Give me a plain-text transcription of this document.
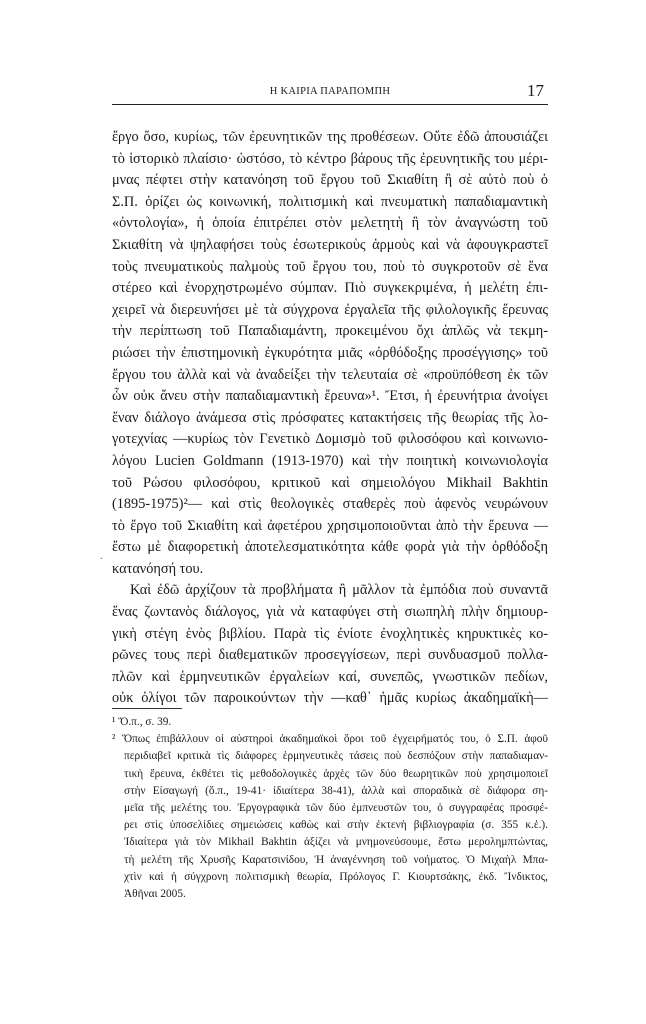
Η ΚΑΙΡΙΑ ΠΑΡΑΠΟΜΠΗ	17
ἔργο ὅσο, κυρίως, τῶν ἐρευνητικῶν της προθέσεων. Οὔτε ἐδῶ ἀπουσιάζει
τὸ ἱστορικὸ πλαίσιο· ὡστόσο, τὸ κέντρο βάρους τῆς ἐρευνητικῆς του μέρι-
μνας πέφτει στὴν κατανόηση τοῦ ἔργου τοῦ Σκιαθίτη ἢ σὲ αὐτὸ ποὺ ὁ
Σ.Π. ὁρίζει ὡς κοινωνική, πολιτισμικὴ καὶ πνευματικὴ παπαδιαμαντικὴ
«ὀντολογία», ἡ ὁποία ἐπιτρέπει στὸν μελετητὴ ἢ τὸν ἀναγνώστη τοῦ
Σκιαθίτη νὰ ψηλαφήσει τοὺς ἐσωτερικοὺς ἁρμοὺς καὶ νὰ ἀφουγκραστεῖ
τοὺς πνευματικοὺς παλμοὺς τοῦ ἔργου του, ποὺ τὸ συγκροτοῦν σὲ ἕνα
στέρεο καὶ ἐνορχηστρωμένο σύμπαν. Πιὸ συγκεκριμένα, ἡ μελέτη ἐπι-
χειρεῖ νὰ διερευνήσει μὲ τὰ σύγχρονα ἐργαλεῖα τῆς φιλολογικῆς ἔρευνας
τὴν περίπτωση τοῦ Παπαδιαμάντη, προκειμένου ὄχι ἁπλῶς νὰ τεκμη-
ριώσει τὴν ἐπιστημονικὴ ἐγκυρότητα μιᾶς «ὀρθόδοξης προσέγγισης» τοῦ
ἔργου του ἀλλὰ καὶ νὰ ἀναδείξει τὴν τελευταία σὲ «προϋπόθεση ἐκ τῶν
ὧν οὐκ ἄνευ στὴν παπαδιαμαντικὴ ἔρευνα»¹. Ἔτσι, ἡ ἐρευνήτρια ἀνοίγει
ἕναν διάλογο ἀνάμεσα στὶς πρόσφατες κατακτήσεις τῆς θεωρίας τῆς λο-
γοτεχνίας —κυρίως τὸν Γενετικὸ Δομισμὸ τοῦ φιλοσόφου καὶ κοινωνιο-
λόγου Lucien Goldmann (1913-1970) καὶ τὴν ποιητικὴ κοινωνιολογία
τοῦ Ρώσου φιλοσόφου, κριτικοῦ καὶ σημειολόγου Mikhail Bakhtin
(1895-1975)²— καὶ στὶς θεολογικὲς σταθερὲς ποὺ ἀφενὸς νευρώνουν
τὸ ἔργο τοῦ Σκιαθίτη καὶ ἀφετέρου χρησιμοποιοῦνται ἀπὸ τὴν ἔρευνα —
ἔστω μὲ διαφορετικὴ ἀποτελεσματικότητα κάθε φορὰ γιὰ τὴν ὀρθόδοξη
κατανόησή του.
Καὶ ἐδῶ ἀρχίζουν τὰ προβλήματα ἢ μᾶλλον τὰ ἐμπόδια ποὺ συναντᾶ
ἕνας ζωντανὸς διάλογος, γιὰ νὰ καταφύγει στὴ σιωπηλὴ πλὴν δημιουρ-
γικὴ στέγη ἑνὸς βιβλίου. Παρὰ τὶς ἐνίοτε ἐνοχλητικὲς κηρυκτικὲς κο-
ρῶνες τους περὶ διαθεματικῶν προσεγγίσεων, περὶ συνδυασμοῦ πολλα-
πλῶν καὶ ἑρμηνευτικῶν ἐργαλείων καί, συνεπῶς, γνωστικῶν πεδίων,
οὐκ ὀλίγοι τῶν παροικούντων τὴν —καθ᾽ ἡμᾶς κυρίως ἀκαδημαϊκὴ—
.
¹ Ὅ.π., σ. 39.
² Ὅπως ἐπιβάλλουν οἱ αὐστηροὶ ἀκαδημαϊκοὶ ὅροι τοῦ ἐγχειρήματός του, ὁ Σ.Π. ἀφοῦ
περιδιαβεῖ κριτικὰ τὶς διάφορες ἑρμηνευτικὲς τάσεις ποὺ δεσπόζουν στὴν παπαδιαμαν-
τικὴ ἔρευνα, ἐκθέτει τὶς μεθοδολογικὲς ἀρχὲς τῶν δύο θεωρητικῶν ποὺ χρησιμοποιεῖ
στὴν Εἰσαγωγή (ὅ.π., 19-41· ἰδιαίτερα 38-41), ἀλλὰ καὶ σποραδικὰ σὲ διάφορα ση-
μεῖα τῆς μελέτης του. Ἐργογραφικὰ τῶν δύο ἐμπνευστῶν του, ὁ συγγραφέας προσφέ-
ρει στὶς ὑποσελίδιες σημειώσεις καθὼς καὶ στὴν ἐκτενὴ βιβλιογραφία (σ. 355 κ.ἑ.).
Ἰδιαίτερα γιὰ τὸν Mikhail Bakhtin ἀξίζει νὰ μνημονεύσουμε, ἔστω μερολημπτώντας,
τὴ μελέτη τῆς Χρυσῆς Καρατσινίδου, Ἡ ἀναγέννηση τοῦ νοήματος. Ὁ Μιχαὴλ Μπα-
χτὶν καὶ ἡ σύγχρονη πολιτισμικὴ θεωρία, Πρόλογος Γ. Κιουρτσάκης, ἐκδ. Ἴνδικτος,
Ἀθῆναι 2005.
